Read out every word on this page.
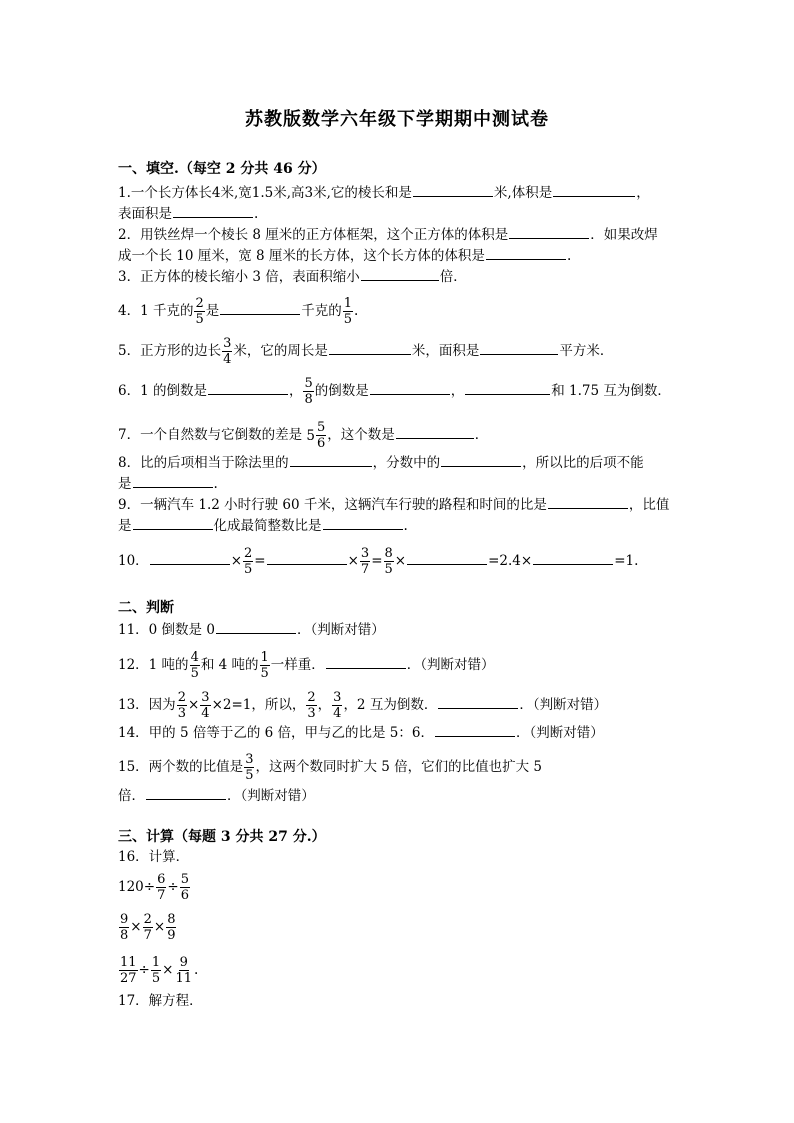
苏教版数学六年级下学期期中测试卷
一、填空.（每空 2 分共 46 分）
1.一个长方体长4米,宽1.5米,高3米,它的棱长和是	米,体积是	，
表面积是	.
2．用铁丝焊一个棱长 8 厘米的正方体框架，这个正方体的体积是	．如果改焊
成一个长 10 厘米，宽 8 厘米的长方体，这个长方体的体积是	.
3．正方体的棱长缩小 3 倍，表面积缩小	倍．
4．1 千克的 $\frac{2}{5}$ 是	千克的 $\frac{1}{5}$ .
5．正方形的边长 $\frac{3}{4}$ 米，它的周长是	米，面积是	平方米．
6．1 的倒数是	， $\frac{5}{8}$ 的倒数是	，	和 1.75 互为倒数．
7．一个自然数与它倒数的差是 5 5
6
，这个数是	．
8．比的后项相当于除法里的	，分数中的	，所以比的后项不能
是	.
9．一辆汽车 1.2 小时行驶 60 千米，这辆汽车行驶的路程和时间的比是	，比值
是	化成最简整数比是	.
10．	× $\frac{2}{5}$ =	× $\frac{3}{7} = \frac{8}{5}$ ×	=2.4×	=1.
二、判断
11．0 倒数是 0	．（判断对错）
12．1 吨的 $\frac{4}{5}$ 和 4 吨的 $\frac{1}{5}$ 一样重．	．（判断对错）
13．因为 $\frac{2}{3} \times \frac{3}{4} \times 2=1$，所以， $\frac{2}{3}$ ， $\frac{3}{4}$ ，2 互为倒数．	．（判断对错）
14．甲的 5 倍等于乙的 6 倍，甲与乙的比是 5：6．	．（判断对错）
15．两个数的比值是 $\frac{3}{5}$ ，这两个数同时扩大 5 倍，它们的比值也扩大 5
倍．	．（判断对错）
三、计算（每题 3 分共 27 分.）
16．计算．
$120\div \frac{6}{7} \div \frac{5}{6}$
$\frac{9}{8} \times \frac{2}{7} \times \frac{8}{9}$
$\frac{11}{27} \div \frac{1}{5} \times \frac{9}{11}$ .
17．解方程．
